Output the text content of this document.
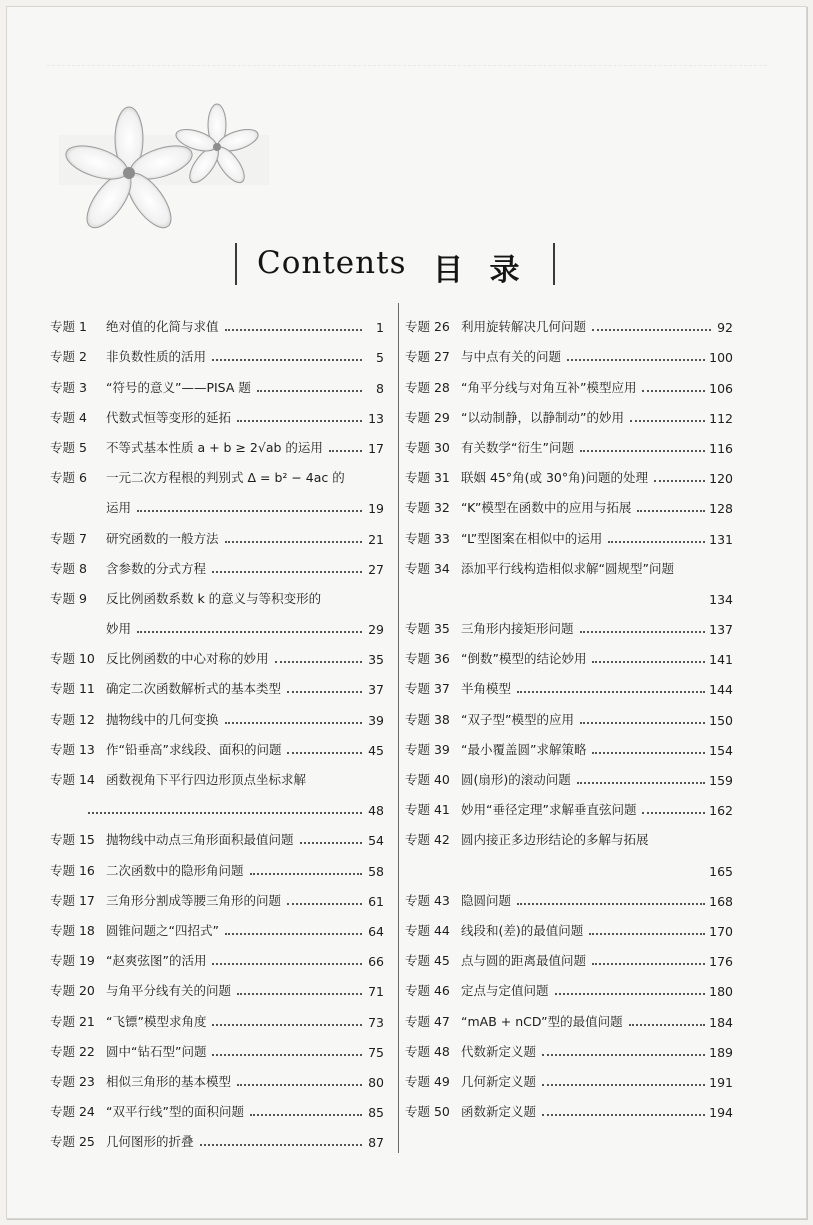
Contents 目 录
专题 1	绝对值的化简与求值	1
专题 2	非负数性质的活用	5
专题 3	“符号的意义”——PISA 题	8
专题 4	代数式恒等变形的延拓	13
专题 5	不等式基本性质 a + b ≥ 2√ab 的运用	17
专题 6	一元二次方程根的判别式 Δ = b² − 4ac 的
运用	19
专题 7	研究函数的一般方法	21
专题 8	含参数的分式方程	27
专题 9	反比例函数系数 k 的意义与等积变形的
妙用	29
专题 10 反比例函数的中心对称的妙用	35
专题 11 确定二次函数解析式的基本类型	37
专题 12 抛物线中的几何变换	39
专题 13 作“铅垂高”求线段、面积的问题	45
专题 14 函数视角下平行四边形顶点坐标求解
48
专题 15 抛物线中动点三角形面积最值问题	54
专题 16 二次函数中的隐形角问题	58
专题 17 三角形分割成等腰三角形的问题	61
专题 18 圆锥问题之“四招式”	64
专题 19 “赵爽弦图”的活用	66
专题 20 与角平分线有关的问题	71
专题 21 “飞镖”模型求角度	73
专题 22 圆中“钻石型”问题	75
专题 23 相似三角形的基本模型	80
专题 24 “双平行线”型的面积问题	85
专题 25 几何图形的折叠	87
专题 26 利用旋转解决几何问题	92
专题 27 与中点有关的问题	100
专题 28 “角平分线与对角互补”模型应用	106
专题 29 “以动制静，以静制动”的妙用	112
专题 30 有关数学“衍生”问题	116
专题 31 联姻 45°角(或 30°角)问题的处理	120
专题 32 “K”模型在函数中的应用与拓展	128
专题 33 “L”型图案在相似中的运用	131
专题 34 添加平行线构造相似求解“圆规型”问题
134
专题 35 三角形内接矩形问题	137
专题 36 “倒数”模型的结论妙用	141
专题 37 半角模型	144
专题 38 “双子型”模型的应用	150
专题 39 “最小覆盖圆”求解策略	154
专题 40 圆(扇形)的滚动问题	159
专题 41 妙用“垂径定理”求解垂直弦问题	162
专题 42 圆内接正多边形结论的多解与拓展
165
专题 43 隐圆问题	168
专题 44 线段和(差)的最值问题	170
专题 45 点与圆的距离最值问题	176
专题 46 定点与定值问题	180
专题 47 “mAB + nCD”型的最值问题	184
专题 48 代数新定义题	189
专题 49 几何新定义题	191
专题 50 函数新定义题	194
